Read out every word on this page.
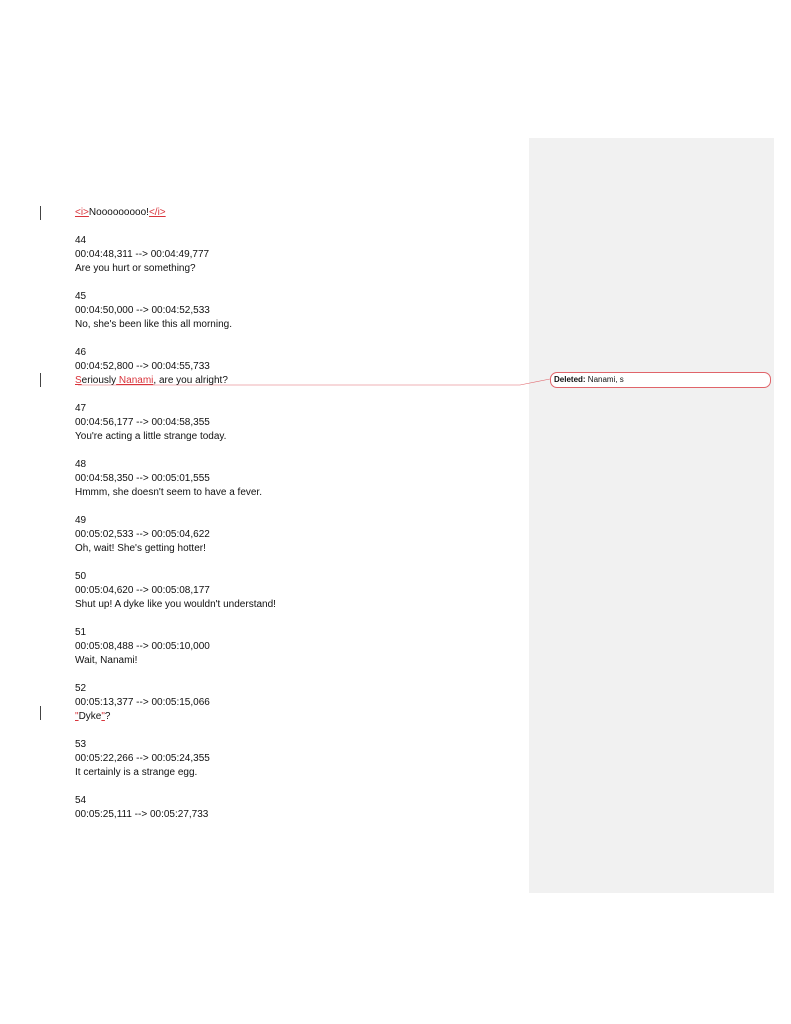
Deleted: Nanami, s
<i>Nooooooooo!</i>
44
00:04:48,311 --> 00:04:49,777
Are you hurt or something?
45
00:04:50,000 --> 00:04:52,533
No, she's been like this all morning.
46
00:04:52,800 --> 00:04:55,733
Seriously Nanami, are you alright?
47
00:04:56,177 --> 00:04:58,355
You're acting a little strange today.
48
00:04:58,350 --> 00:05:01,555
Hmmm, she doesn't seem to have a fever.
49
00:05:02,533 --> 00:05:04,622
Oh, wait! She's getting hotter!
50
00:05:04,620 --> 00:05:08,177
Shut up! A dyke like you wouldn't understand!
51
00:05:08,488 --> 00:05:10,000
Wait, Nanami!
52
00:05:13,377 --> 00:05:15,066
"Dyke"?
53
00:05:22,266 --> 00:05:24,355
It certainly is a strange egg.
54
00:05:25,111 --> 00:05:27,733
